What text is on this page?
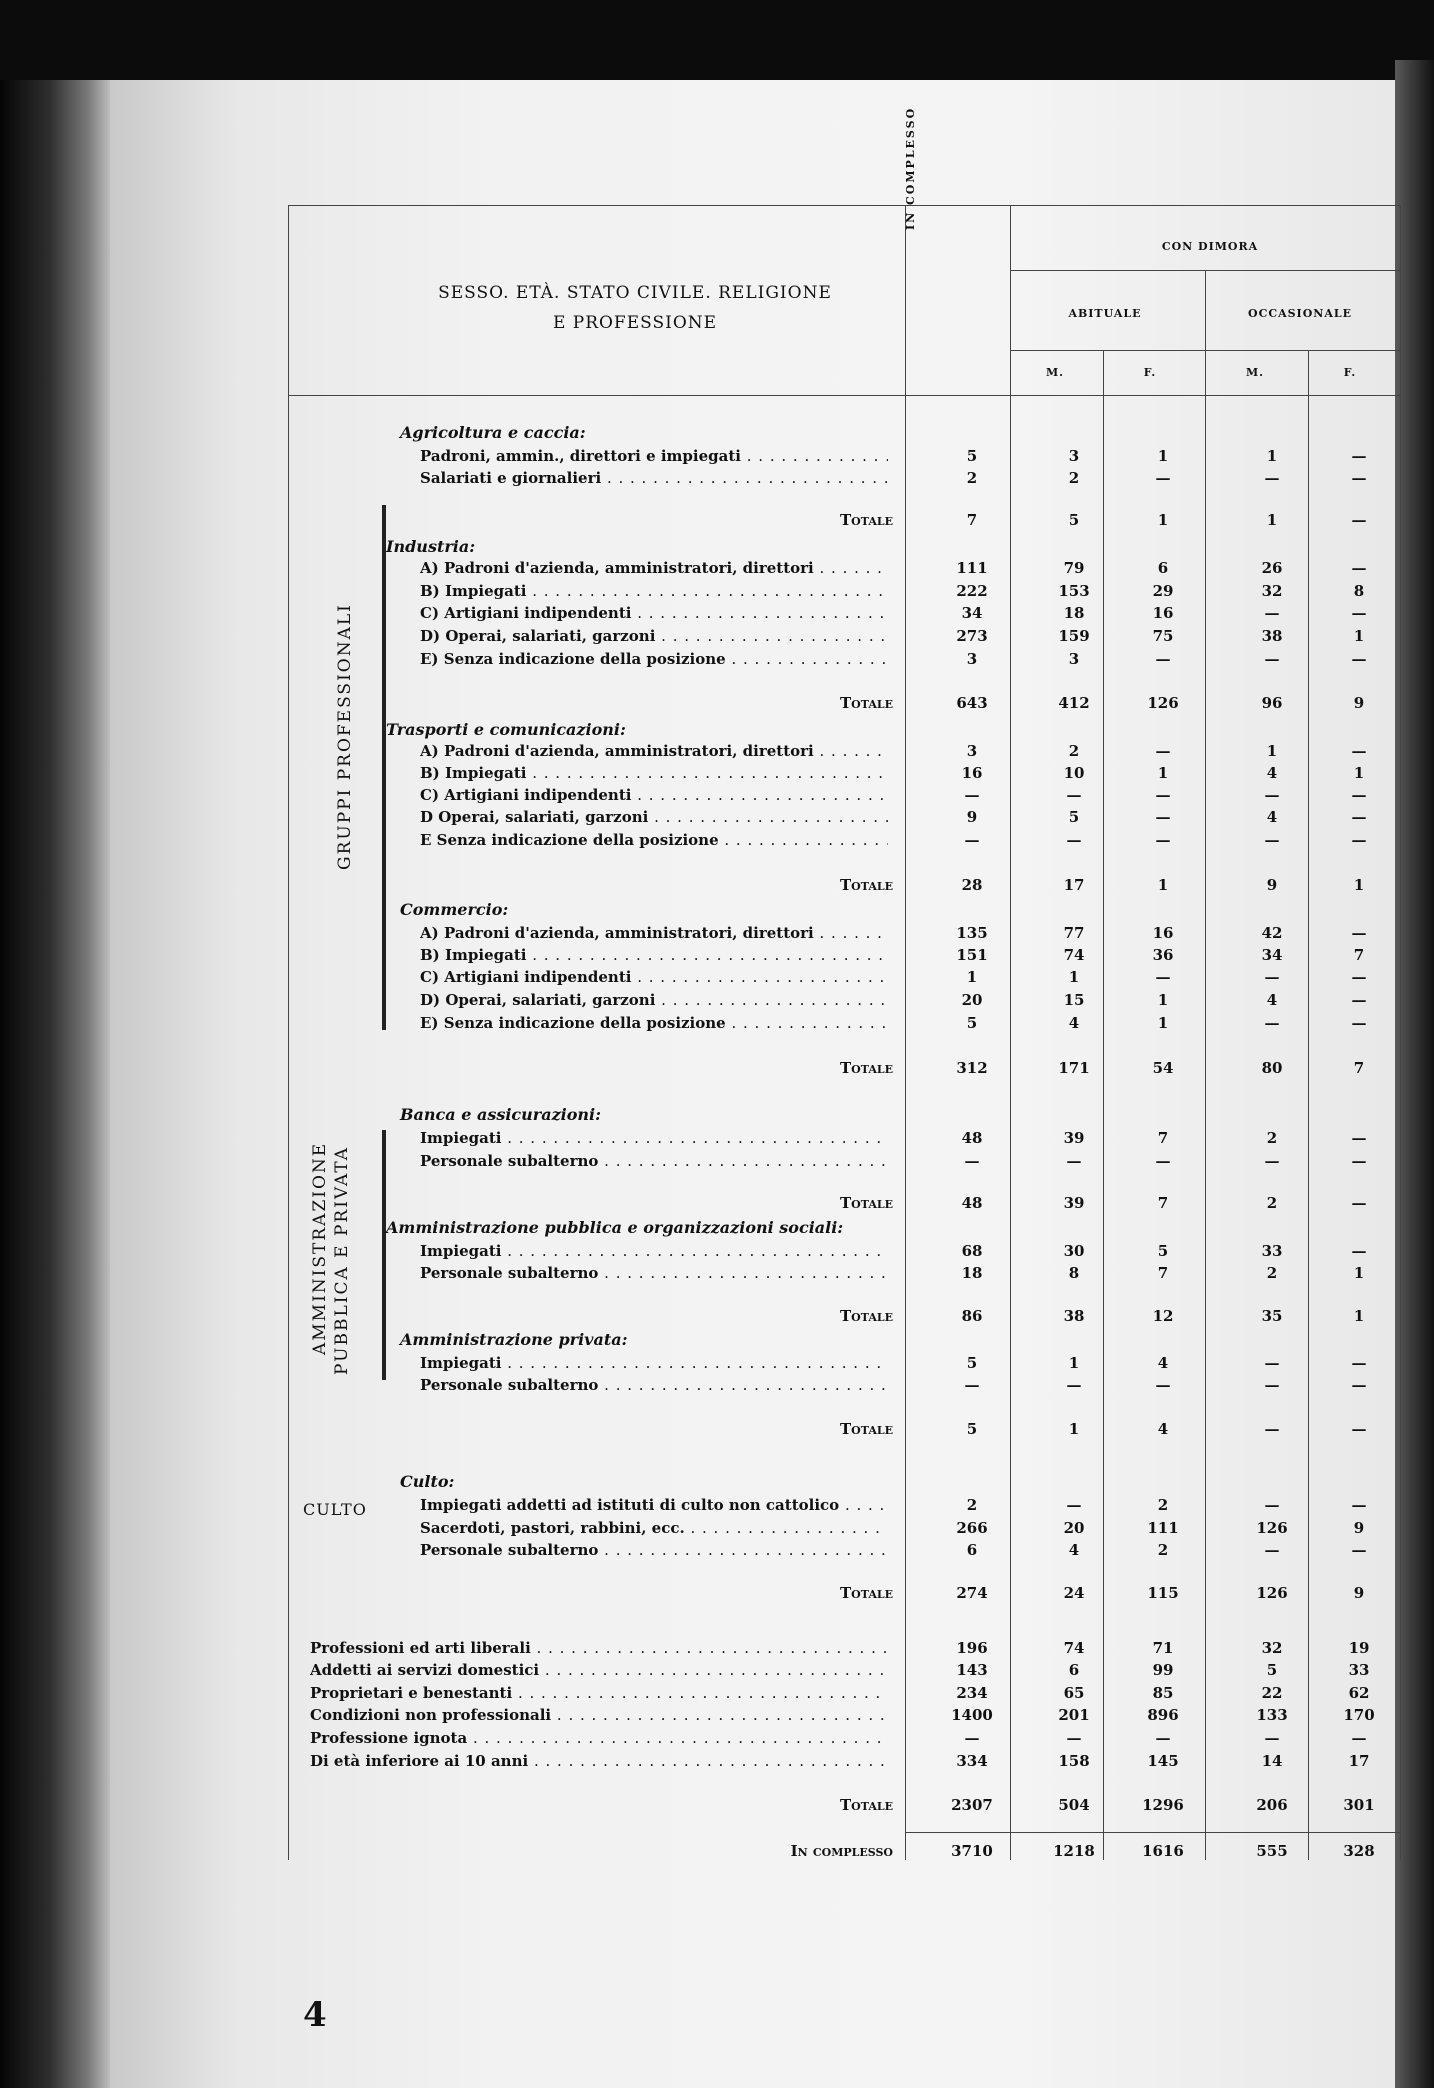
SESSO. ETÀ. STATO CIVILE. RELIGIONE
E PROFESSIONE
IN COMPLESSO
CON DIMORA
ABITUALE	OCCASIONALE
M.	F.	M.	F.
GRUPPI PROFESSIONALI
AMMINISTRAZIONE PUBBLICA E PRIVATA
CULTO
Agricoltura e caccia:
Industria:
Trasporti e comunicazioni:
Commercio:
Banca e assicurazioni:
Amministrazione pubblica e organizzazioni sociali:
Amministrazione privata:
Culto:
Padroni, ammin., direttori e impiegati . . .	5	3	1	1	—
Salariati e giornalieri . . .	2	2	—	—	—
Totale	7	5	1	1	—
A) Padroni d'azienda, amministratori, direttori . . .	111	79	6	26	—
B) Impiegati . . .	222	153	29	32	8
C) Artigiani indipendenti . . .	34	18	16	—	—
D) Operai, salariati, garzoni . . .	273	159	75	38	1
E) Senza indicazione della posizione . . .	3	3	—	—	—
Totale	643	412	126	96	9
A) Padroni d'azienda, amministratori, direttori . . .	3	2	—	1	—
B) Impiegati . . .	16	10	1	4	1
C) Artigiani indipendenti . . .	—	—	—	—	—
D Operai, salariati, garzoni . . .	9	5	—	4	—
E Senza indicazione della posizione . . .	—	—	—	—	—
Totale	28	17	1	9	1
A) Padroni d'azienda, amministratori, direttori . . .	135	77	16	42	—
B) Impiegati . . .	151	74	36	34	7
C) Artigiani indipendenti . . .	1	1	—	—	—
D) Operai, salariati, garzoni . . .	20	15	1	4	—
E) Senza indicazione della posizione . . .	5	4	1	—	—
Totale	312	171	54	80	7
Impiegati . . .	48	39	7	2	—
Personale subalterno . . .	—	—	—	—	—
Totale	48	39	7	2	—
Impiegati . . .	68	30	5	33	—
Personale subalterno . . .	18	8	7	2	1
Totale	86	38	12	35	1
Impiegati . . .	5	1	4	—	—
Personale subalterno . . .	—	—	—	—	—
Totale	5	1	4	—	—
Impiegati addetti ad istituti di culto non cattolico . . .	2	—	2	—	—
Sacerdoti, pastori, rabbini, ecc. . . .	266	20	111	126	9
Personale subalterno . . .	6	4	2	—	—
Totale	274	24	115	126	9
Professioni ed arti liberali . . .	196	74	71	32	19
Addetti ai servizi domestici . . .	143	6	99	5	33
Proprietari e benestanti . . .	234	65	85	22	62
Condizioni non professionali . . .	1400	201	896	133	170
Professione ignota . . .	—	—	—	—	—
Di età inferiore ai 10 anni . . .	334	158	145	14	17
Totale	2307	504	1296	206	301
In complesso	3710	1218	1616	555	328
4
